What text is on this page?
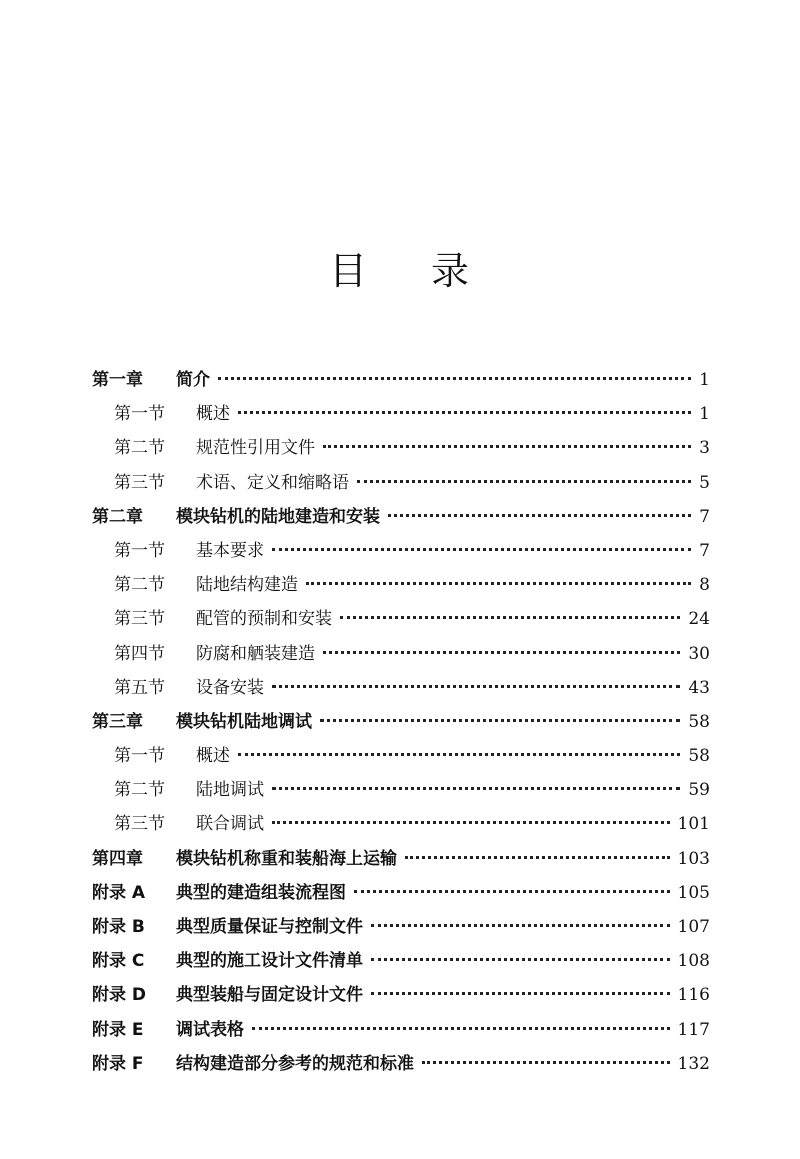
目 录
第一章 简介	1
第一节 概述	1
第二节 规范性引用文件	3
第三节 术语、定义和缩略语	5
第二章 模块钻机的陆地建造和安装	7
第一节 基本要求	7
第二节 陆地结构建造	8
第三节 配管的预制和安装	24
第四节 防腐和舾装建造	30
第五节 设备安装	43
第三章 模块钻机陆地调试	58
第一节 概述	58
第二节 陆地调试	59
第三节 联合调试	101
第四章 模块钻机称重和装船海上运输	103
附录 A 典型的建造组装流程图	105
附录 B 典型质量保证与控制文件	107
附录 C 典型的施工设计文件清单	108
附录 D 典型装船与固定设计文件	116
附录 E 调试表格	117
附录 F 结构建造部分参考的规范和标准	132
